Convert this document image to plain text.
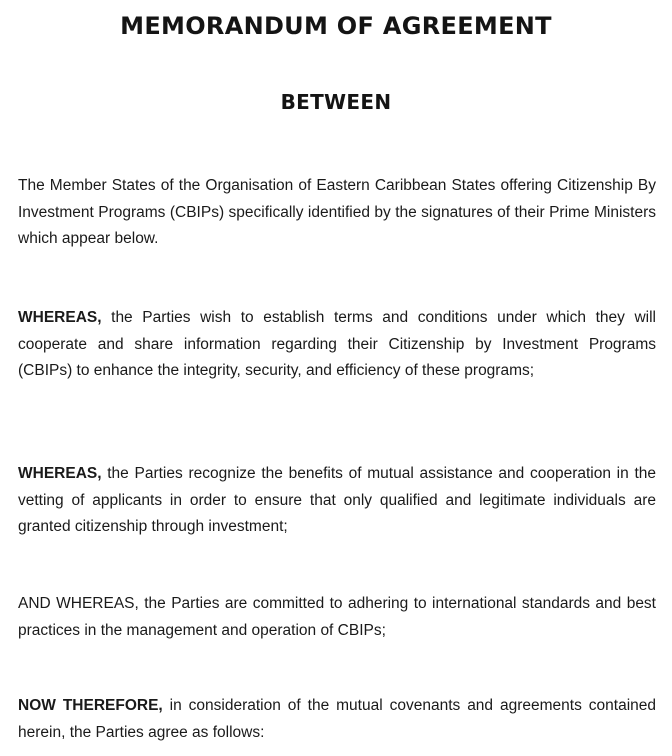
MEMORANDUM OF AGREEMENT
BETWEEN

The Member States of the Organisation of Eastern Caribbean States offering Citizenship By Investment Programs (CBIPs) specifically identified by the signatures of their Prime Ministers which appear below.

WHEREAS, the Parties wish to establish terms and conditions under which they will cooperate and share information regarding their Citizenship by Investment Programs (CBIPs) to enhance the integrity, security, and efficiency of these programs;

WHEREAS, the Parties recognize the benefits of mutual assistance and cooperation in the vetting of applicants in order to ensure that only qualified and legitimate individuals are granted citizenship through investment;

AND WHEREAS, the Parties are committed to adhering to international standards and best practices in the management and operation of CBIPs;

NOW THEREFORE, in consideration of the mutual covenants and agreements contained herein, the Parties agree as follows:
